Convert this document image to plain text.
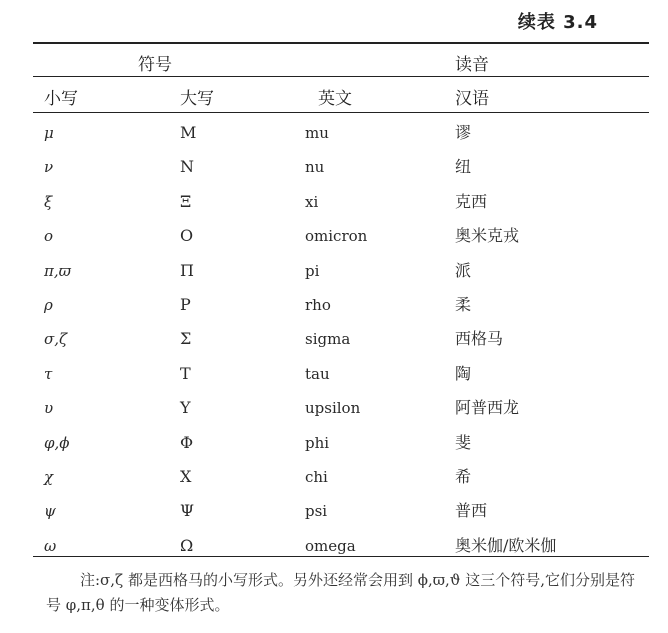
续表 3.4
符号	读音
小写	大写	英文	汉语
μ	M	mu	谬
ν	N	nu	纽
ξ	Ξ	xi	克西
o	O	omicron	奥米克戎
π,ϖ	Π	pi	派
ρ	P	rho	柔
σ,ζ	Σ	sigma	西格马
τ	T	tau	陶
υ	Υ	upsilon	阿普西龙
φ,ϕ	Φ	phi	斐
χ	X	chi	希
ψ	Ψ	psi	普西
ω	Ω	omega	奥米伽/欧米伽
注:σ,ζ 都是西格马的小写形式。另外还经常会用到 ϕ,ϖ,ϑ 这三个符号,它们分别是符号 φ,π,θ 的一种变体形式。
